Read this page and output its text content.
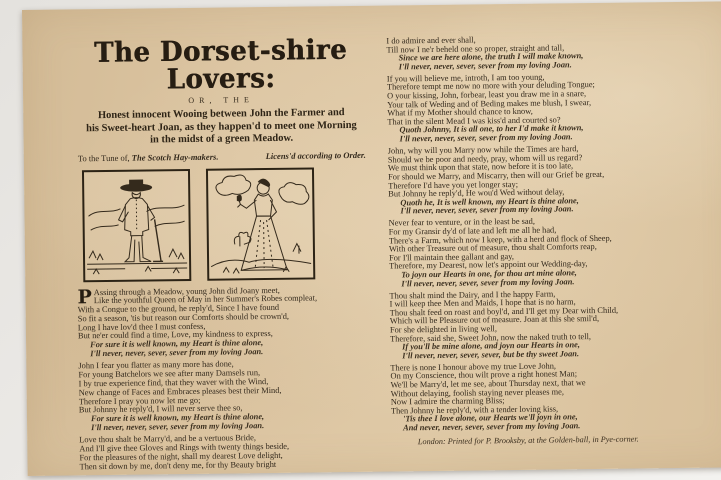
The Dorset-shire Lovers:
OR, THE
Honest innocent Wooing between John the Farmer and
his Sweet-heart Joan, as they happen'd to meet one Morning
in the midst of a green Meadow.
To the Tune of, The Scotch Hay-makers.	Licens'd according to Order.
P Assing through a Meadow, young John did Joany meet,
Like the youthful Queen of May in her Summer's Robes compleat,
With a Congue to the ground, he reply'd, Since I have found
So fit a season, 'tis but reason our Comforts should be crown'd,
Long I have lov'd thee I must confess,
But ne'er could find a time, Love, my kindness to express,
For sure it is well known, my Heart is thine alone,
I'll never, never, sever, sever from my loving Joan.
John I fear you flatter as many more has done,
For young Batchelors we see after many Damsels run,
I by true experience find, that they waver with the Wind,
New change of Faces and Embraces pleases best their Mind,
Therefore I pray you now let me go;
But Johnny he reply'd, I will never serve thee so,
For sure it is well known, my Heart is thine alone,
I'll never, never, sever, sever from my loving Joan.
Love thou shalt be Marry'd, and be a vertuous Bride,
And I'll give thee Gloves and Rings with twenty things beside,
For the pleasures of the night, shall my dearest Love delight,
Then sit down by me, don't deny me, for thy Beauty bright
I do admire and ever shall,
Till now I ne'r beheld one so proper, straight and tall,
Since we are here alone, the truth I will make known,
I'll never, never, sever, sever from my loving Joan.
If you will believe me, introth, I am too young,
Therefore tempt me now no more with your deluding Tongue;
O your kissing, John, forbear, least you draw me in a snare,
Your talk of Weding and of Beding makes me blush, I swear,
What if my Mother should chance to know,
That in the silent Mead I was kiss'd and courted so?
Quoth Johnny, It is all one, to her I'd make it known,
I'll never, never, sever, sever from my loving Joan.
John, why will you Marry now while the Times are hard,
Should we be poor and needy, pray, whom will us regard?
We must think upon that state, now before it is too late,
For should we Marry, and Miscarry, then will our Grief be great,
Therefore I'd have you yet longer stay;
But Johnny he reply'd, He wou'd Wed without delay,
Quoth he, It is well known, my Heart is thine alone,
I'll never, never, sever, sever from my loving Joan.
Never fear to venture, or in the least be sad,
For my Gransir dy'd of late and left me all he had,
There's a Farm, which now I keep, with a herd and flock of Sheep,
With other Treasure out of measure, thou shalt Comforts reap,
For I'll maintain thee gallant and gay,
Therefore, my Dearest, now let's appoint our Wedding-day,
To joyn our Hearts in one, for thou art mine alone,
I'll never, never, sever, sever from my loving Joan.
Thou shalt mind the Dairy, and I the happy Farm,
I will keep thee Men and Maids, I hope that is no harm,
Thou shalt feed on roast and boyl'd, and I'll get my Dear with Child,
Which will be Pleasure out of measure. Joan at this she smil'd,
For she delighted in living well,
Therefore, said she, Sweet John, now the naked truth to tell,
If you'll be mine alone, and joyn our Hearts in one,
I'll never, never, sever, sever, but be thy sweet Joan.
There is none I honour above my true Love John,
On my Conscience, thou wilt prove a right honest Man;
We'll be Marry'd, let me see, about Thursday next, that we
Without delaying, foolish staying never pleases me,
Now I admire the charming Bliss;
Then Johnny he reply'd, with a tender loving kiss,
'Tis thee I love alone, our Hearts we'll joyn in one,
And never, never, sever, sever from my loving Joan.
London: Printed for P. Brooksby, at the Golden-ball, in Pye-corner.
